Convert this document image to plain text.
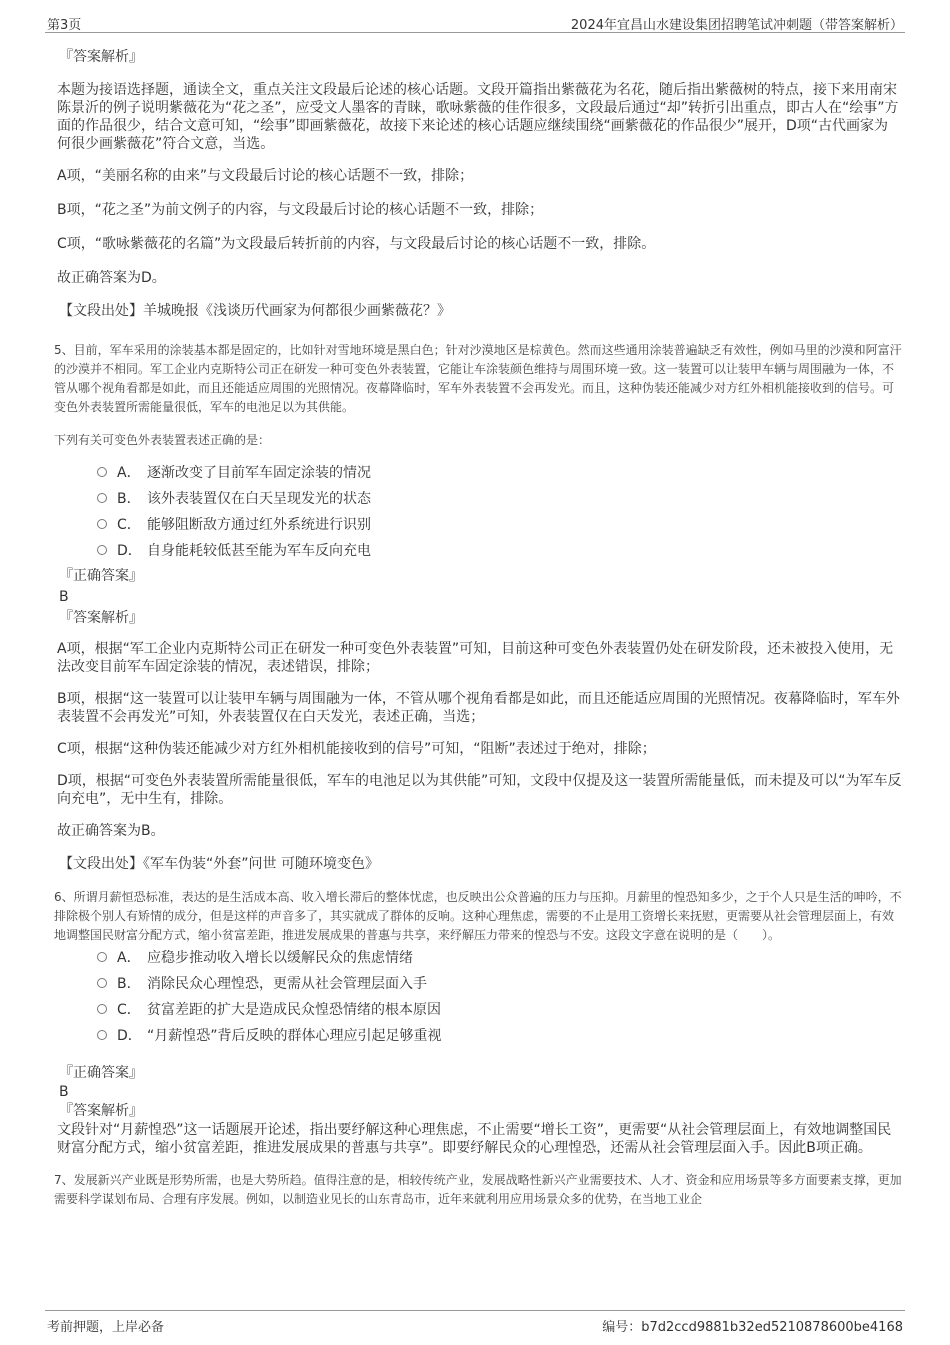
第3页	2024年宜昌山水建设集团招聘笔试冲刺题（带答案解析）
『答案解析』

本题为接语选择题，通读全文，重点关注文段最后论述的核心话题。文段开篇指出紫薇花为名花，随后指出紫薇树的特点，接下来用南宋陈景沂的例子说明紫薇花为“花之圣”，应受文人墨客的青睐，歌咏紫薇的佳作很多，文段最后通过“却”转折引出重点，即古人在“绘事”方面的作品很少，结合文意可知，“绘事”即画紫薇花，故接下来论述的核心话题应继续围绕“画紫薇花的作品很少”展开，D项“古代画家为何很少画紫薇花”符合文意，当选。

A项，“美丽名称的由来”与文段最后讨论的核心话题不一致，排除；

B项，“花之圣”为前文例子的内容，与文段最后讨论的核心话题不一致，排除；

C项，“歌咏紫薇花的名篇”为文段最后转折前的内容，与文段最后讨论的核心话题不一致，排除。

故正确答案为D。

【文段出处】羊城晚报《浅谈历代画家为何都很少画紫薇花？》

5、目前，军车采用的涂装基本都是固定的，比如针对雪地环境是黑白色；针对沙漠地区是棕黄色。然而这些通用涂装普遍缺乏有效性，例如马里的沙漠和阿富汗的沙漠并不相同。军工企业内克斯特公司正在研发一种可变色外表装置，它能让车涂装颜色维持与周围环境一致。这一装置可以让装甲车辆与周围融为一体，不管从哪个视角看都是如此，而且还能适应周围的光照情况。夜幕降临时，军车外表装置不会再发光。而且，这种伪装还能减少对方红外相机能接收到的信号。可变色外表装置所需能量很低，军车的电池足以为其供能。

下列有关可变色外表装置表述正确的是：

A． 逐渐改变了目前军车固定涂装的情况
B． 该外表装置仅在白天呈现发光的状态
C． 能够阻断敌方通过红外系统进行识别
D． 自身能耗较低甚至能为军车反向充电
『正确答案』
B
『答案解析』

A项，根据“军工企业内克斯特公司正在研发一种可变色外表装置”可知，目前这种可变色外表装置仍处在研发阶段，还未被投入使用，无法改变目前军车固定涂装的情况，表述错误，排除；

B项，根据“这一装置可以让装甲车辆与周围融为一体，不管从哪个视角看都是如此，而且还能适应周围的光照情况。夜幕降临时，军车外表装置不会再发光”可知，外表装置仅在白天发光，表述正确，当选；

C项，根据“这种伪装还能减少对方红外相机能接收到的信号”可知，“阻断”表述过于绝对，排除；

D项，根据“可变色外表装置所需能量很低，军车的电池足以为其供能”可知，文段中仅提及这一装置所需能量低，而未提及可以“为军车反向充电”，无中生有，排除。

故正确答案为B。

【文段出处】《军车伪装“外套”问世 可随环境变色》

6、所谓月薪恒恐标准，表达的是生活成本高、收入增长滞后的整体忧虑，也反映出公众普遍的压力与压抑。月薪里的惶恐知多少，之于个人只是生活的呻吟，不排除极个别人有矫情的成分，但是这样的声音多了，其实就成了群体的反响。这种心理焦虑，需要的不止是用工资增长来抚慰，更需要从社会管理层面上，有效地调整国民财富分配方式，缩小贫富差距，推进发展成果的普惠与共享，来纾解压力带来的惶恐与不安。这段文字意在说明的是（　　）。

A． 应稳步推动收入增长以缓解民众的焦虑情绪
B． 消除民众心理惶恐，更需从社会管理层面入手
C． 贫富差距的扩大是造成民众惶恐情绪的根本原因
D． “月薪惶恐”背后反映的群体心理应引起足够重视
『正确答案』
B
『答案解析』

文段针对“月薪惶恐”这一话题展开论述，指出要纾解这种心理焦虑，不止需要“增长工资”，更需要“从社会管理层面上，有效地调整国民财富分配方式，缩小贫富差距，推进发展成果的普惠与共享”。即要纾解民众的心理惶恐，还需从社会管理层面入手。因此B项正确。

7、发展新兴产业既是形势所需，也是大势所趋。值得注意的是，相较传统产业，发展战略性新兴产业需要技术、人才、资金和应用场景等多方面要素支撑，更加需要科学谋划布局、合理有序发展。例如，以制造业见长的山东青岛市，近年来就利用应用场景众多的优势，在当地工业企

考前押题，上岸必备	编号：b7d2ccd9881b32ed5210878600be4168
